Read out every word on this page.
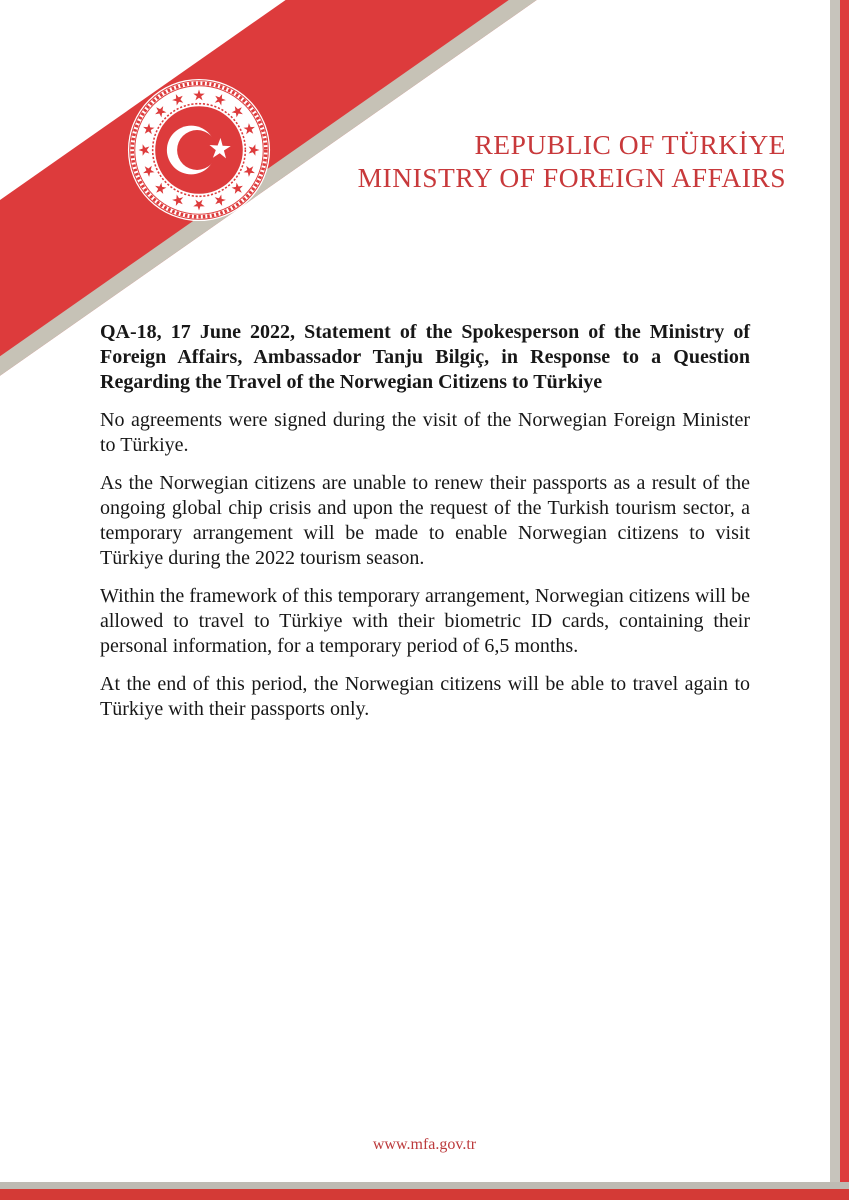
REPUBLIC OF TÜRKİYE
MINISTRY OF FOREIGN AFFAIRS

QA-18, 17 June 2022, Statement of the Spokesperson of the Ministry of Foreign Affairs, Ambassador Tanju Bilgiç, in Response to a Question Regarding the Travel of the Norwegian Citizens to Türkiye

No agreements were signed during the visit of the Norwegian Foreign Minister to Türkiye.

As the Norwegian citizens are unable to renew their passports as a result of the ongoing global chip crisis and upon the request of the Turkish tourism sector, a temporary arrangement will be made to enable Norwegian citizens to visit Türkiye during the 2022 tourism season.

Within the framework of this temporary arrangement, Norwegian citizens will be allowed to travel to Türkiye with their biometric ID cards, containing their personal information, for a temporary period of 6,5 months.

At the end of this period, the Norwegian citizens will be able to travel again to Türkiye with their passports only.

www.mfa.gov.tr
